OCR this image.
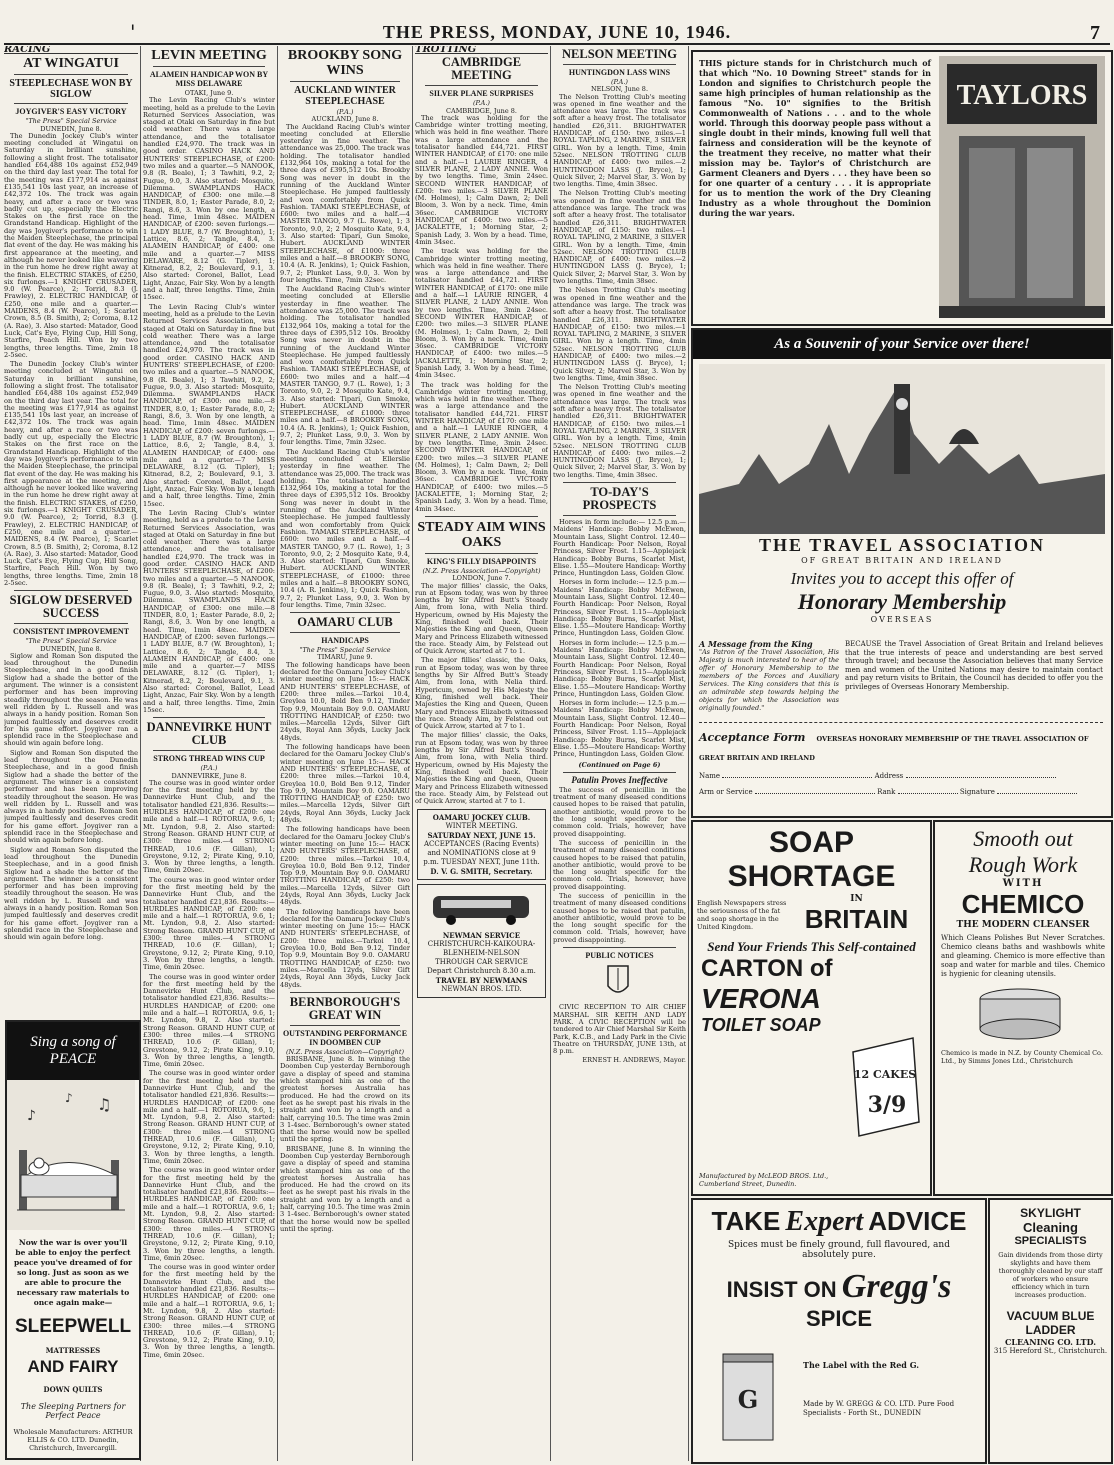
'	THE PRESS, MONDAY, JUNE 10, 1946.	7
RACING
AT WINGATUI
STEEPLECHASE WON BY SIGLOW
JOYGIVER'S EASY VICTORY
"The Press" Special Service
DUNEDIN, June 8.

The Dunedin Jockey Club's winter meeting concluded at Wingatui on Saturday in brilliant sunshine, following a slight frost. The totalisator handled £64,488 10s against £52,949 on the third day last year. The total for the meeting was £177,914 as against £135,541 10s last year, an increase of £42,372 10s. The track was again heavy, and after a race or two was badly cut up, especially the Electric Stakes on the first race on the Grandstand Handicap. Highlight of the day was Joygiver's performance to win the Maiden Steeplechase, the principal flat event of the day. He was making his first appearance at the meeting, and although he never looked like wavering in the run home he drew right away at the finish. ELECTRIC STAKES, of £250, six furlongs.—1 KNIGHT CRUSADER, 9.0 (W. Pearce), 2; Torrid, 8.3 (J. Frawley), 2. ELECTRIC HANDICAP, of £250, one mile and a quarter.—MAIDENS, 8.4 (W. Pearce), 1; Scarlet Crown, 8.5 (B. Smith), 2; Coroma, 8.12 (A. Rae), 3. Also started: Matador, Good Luck, Cat's Eye, Flying Cup, Hill Song, Starfire, Peach Hill. Won by two lengths, three lengths. Time, 2min 18 2-5sec.

The Dunedin Jockey Club's winter meeting concluded at Wingatui on Saturday in brilliant sunshine, following a slight frost. The totalisator handled £64,488 10s against £52,949 on the third day last year. The total for the meeting was £177,914 as against £135,541 10s last year, an increase of £42,372 10s. The track was again heavy, and after a race or two was badly cut up, especially the Electric Stakes on the first race on the Grandstand Handicap. Highlight of the day was Joygiver's performance to win the Maiden Steeplechase, the principal flat event of the day. He was making his first appearance at the meeting, and although he never looked like wavering in the run home he drew right away at the finish. ELECTRIC STAKES, of £250, six furlongs.—1 KNIGHT CRUSADER, 9.0 (W. Pearce), 2; Torrid, 8.3 (J. Frawley), 2. ELECTRIC HANDICAP, of £250, one mile and a quarter.—MAIDENS, 8.4 (W. Pearce), 1; Scarlet Crown, 8.5 (B. Smith), 2; Coroma, 8.12 (A. Rae), 3. Also started: Matador, Good Luck, Cat's Eye, Flying Cup, Hill Song, Starfire, Peach Hill. Won by two lengths, three lengths. Time, 2min 18 2-5sec.

SIGLOW DESERVED SUCCESS
CONSISTENT IMPROVEMENT
"The Press" Special Service
DUNEDIN, June 8.

Siglow and Roman Son disputed the lead throughout the Dunedin Steeplechase, and in a good finish Siglow had a shade the better of the argument. The winner is a consistent performer and has been improving steadily throughout the season. He was well ridden by L. Russell and was always in a handy position. Roman Son jumped faultlessly and deserves credit for his game effort. Joygiver ran a splendid race in the Steeplechase and should win again before long.

Siglow and Roman Son disputed the lead throughout the Dunedin Steeplechase, and in a good finish Siglow had a shade the better of the argument. The winner is a consistent performer and has been improving steadily throughout the season. He was well ridden by L. Russell and was always in a handy position. Roman Son jumped faultlessly and deserves credit for his game effort. Joygiver ran a splendid race in the Steeplechase and should win again before long.

Siglow and Roman Son disputed the lead throughout the Dunedin Steeplechase, and in a good finish Siglow had a shade the better of the argument. The winner is a consistent performer and has been improving steadily throughout the season. He was well ridden by L. Russell and was always in a handy position. Roman Son jumped faultlessly and deserves credit for his game effort. Joygiver ran a splendid race in the Steeplechase and should win again before long.

Sing a song of PEACE
♪
♫
♪
Now the war is over you'll be able to enjoy the perfect peace you've dreamed of for so long. Just as soon as we are able to procure the necessary raw materials to once again make—
SLEEPWELL
MATTRESSES
AND FAIRY
DOWN QUILTS
The Sleeping Partners for Perfect Peace
Wholesale Manufacturers: ARTHUR ELLIS & CO. LTD. Dunedin, Christchurch, Invercargill.
LEVIN MEETING
ALAMEIN HANDICAP WON BY MISS DELAWARE
OTAKI, June 9.

The Levin Racing Club's winter meeting, held as a prelude to the Levin Returned Services Association, was staged at Otaki on Saturday in fine but cold weather. There was a large attendance, and the totalisator handled £24,970. The track was in good order. CASINO HACK AND HUNTERS' STEEPLECHASE, of £200: two miles and a quarter.—5 NANOOK, 9.8 (R. Beale), 1; 3 Tawhiti, 9.2, 2; Fugue, 9.0, 3. Also started: Mosquito, Dilemma. SWAMPLANDS HACK HANDICAP, of £300: one mile.—8 TINDER, 8.0, 1; Easter Parade, 8.0, 2; Rangi, 8.6, 3. Won by one length, a head. Time, 1min 48sec. MAIDEN HANDICAP, of £200: seven furlongs.—1 LADY BLUE, 8.7 (W. Broughton), 1; Lattice, 8.6, 2; Tangle, 8.4, 3. ALAMEIN HANDICAP, of £400: one mile and a quarter.—7 MISS DELAWARE, 8.12 (G. Tipler), 1; Kitnerad, 8.2, 2; Boulevard, 9.1, 3. Also started: Coronel, Ballot, Lead Light, Anzac, Fair Sky. Won by a length and a half, three lengths. Time, 2min 15sec.

The Levin Racing Club's winter meeting, held as a prelude to the Levin Returned Services Association, was staged at Otaki on Saturday in fine but cold weather. There was a large attendance, and the totalisator handled £24,970. The track was in good order. CASINO HACK AND HUNTERS' STEEPLECHASE, of £200: two miles and a quarter.—5 NANOOK, 9.8 (R. Beale), 1; 3 Tawhiti, 9.2, 2; Fugue, 9.0, 3. Also started: Mosquito, Dilemma. SWAMPLANDS HACK HANDICAP, of £300: one mile.—8 TINDER, 8.0, 1; Easter Parade, 8.0, 2; Rangi, 8.6, 3. Won by one length, a head. Time, 1min 48sec. MAIDEN HANDICAP, of £200: seven furlongs.—1 LADY BLUE, 8.7 (W. Broughton), 1; Lattice, 8.6, 2; Tangle, 8.4, 3. ALAMEIN HANDICAP, of £400: one mile and a quarter.—7 MISS DELAWARE, 8.12 (G. Tipler), 1; Kitnerad, 8.2, 2; Boulevard, 9.1, 3. Also started: Coronel, Ballot, Lead Light, Anzac, Fair Sky. Won by a length and a half, three lengths. Time, 2min 15sec.

The Levin Racing Club's winter meeting, held as a prelude to the Levin Returned Services Association, was staged at Otaki on Saturday in fine but cold weather. There was a large attendance, and the totalisator handled £24,970. The track was in good order. CASINO HACK AND HUNTERS' STEEPLECHASE, of £200: two miles and a quarter.—5 NANOOK, 9.8 (R. Beale), 1; 3 Tawhiti, 9.2, 2; Fugue, 9.0, 3. Also started: Mosquito, Dilemma. SWAMPLANDS HACK HANDICAP, of £300: one mile.—8 TINDER, 8.0, 1; Easter Parade, 8.0, 2; Rangi, 8.6, 3. Won by one length, a head. Time, 1min 48sec. MAIDEN HANDICAP, of £200: seven furlongs.—1 LADY BLUE, 8.7 (W. Broughton), 1; Lattice, 8.6, 2; Tangle, 8.4, 3. ALAMEIN HANDICAP, of £400: one mile and a quarter.—7 MISS DELAWARE, 8.12 (G. Tipler), 1; Kitnerad, 8.2, 2; Boulevard, 9.1, 3. Also started: Coronel, Ballot, Lead Light, Anzac, Fair Sky. Won by a length and a half, three lengths. Time, 2min 15sec.

DANNEVIRKE HUNT CLUB
STRONG THREAD WINS CUP
(P.A.)
DANNEVIRKE, June 8.

The course was in good winter order for the first meeting held by the Dannevirke Hunt Club, and the totalisator handled £21,836. Results:— HURDLES HANDICAP, of £200: one mile and a half.—1 ROTORUA, 9.6, 1; Mt. Lyndon, 9.8, 2. Also started: Strong Reason. GRAND HUNT CUP, of £300: three miles.—4 STRONG THREAD, 10.6 (F. Gillan), 1; Greystone, 9.12, 2; Pirate King, 9.10, 3. Won by three lengths, a length. Time, 6min 20sec.

The course was in good winter order for the first meeting held by the Dannevirke Hunt Club, and the totalisator handled £21,836. Results:— HURDLES HANDICAP, of £200: one mile and a half.—1 ROTORUA, 9.6, 1; Mt. Lyndon, 9.8, 2. Also started: Strong Reason. GRAND HUNT CUP, of £300: three miles.—4 STRONG THREAD, 10.6 (F. Gillan), 1; Greystone, 9.12, 2; Pirate King, 9.10, 3. Won by three lengths, a length. Time, 6min 20sec.

The course was in good winter order for the first meeting held by the Dannevirke Hunt Club, and the totalisator handled £21,836. Results:— HURDLES HANDICAP, of £200: one mile and a half.—1 ROTORUA, 9.6, 1; Mt. Lyndon, 9.8, 2. Also started: Strong Reason. GRAND HUNT CUP, of £300: three miles.—4 STRONG THREAD, 10.6 (F. Gillan), 1; Greystone, 9.12, 2; Pirate King, 9.10, 3. Won by three lengths, a length. Time, 6min 20sec.

The course was in good winter order for the first meeting held by the Dannevirke Hunt Club, and the totalisator handled £21,836. Results:— HURDLES HANDICAP, of £200: one mile and a half.—1 ROTORUA, 9.6, 1; Mt. Lyndon, 9.8, 2. Also started: Strong Reason. GRAND HUNT CUP, of £300: three miles.—4 STRONG THREAD, 10.6 (F. Gillan), 1; Greystone, 9.12, 2; Pirate King, 9.10, 3. Won by three lengths, a length. Time, 6min 20sec.

The course was in good winter order for the first meeting held by the Dannevirke Hunt Club, and the totalisator handled £21,836. Results:— HURDLES HANDICAP, of £200: one mile and a half.—1 ROTORUA, 9.6, 1; Mt. Lyndon, 9.8, 2. Also started: Strong Reason. GRAND HUNT CUP, of £300: three miles.—4 STRONG THREAD, 10.6 (F. Gillan), 1; Greystone, 9.12, 2; Pirate King, 9.10, 3. Won by three lengths, a length. Time, 6min 20sec.

The course was in good winter order for the first meeting held by the Dannevirke Hunt Club, and the totalisator handled £21,836. Results:— HURDLES HANDICAP, of £200: one mile and a half.—1 ROTORUA, 9.6, 1; Mt. Lyndon, 9.8, 2. Also started: Strong Reason. GRAND HUNT CUP, of £300: three miles.—4 STRONG THREAD, 10.6 (F. Gillan), 1; Greystone, 9.12, 2; Pirate King, 9.10, 3. Won by three lengths, a length. Time, 6min 20sec.

BROOKBY SONG WINS
AUCKLAND WINTER STEEPLECHASE
(P.A.)
AUCKLAND, June 8.

The Auckland Racing Club's winter meeting concluded at Ellerslie yesterday in fine weather. The attendance was 25,000. The track was holding. The totalisator handled £132,964 10s, making a total for the three days of £395,512 10s. Brookby Song was never in doubt in the running of the Auckland Winter Steeplechase. He jumped faultlessly and won comfortably from Quick Fashion. TAMAKI STEEPLECHASE, of £600: two miles and a half.—4 MASTER TANGO, 9.7 (L. Rowe), 1; 3 Toronto, 9.0, 2; 2 Mosquito Kate, 9.4, 3. Also started: Tipari, Gun Smoke, Hubert. AUCKLAND WINTER STEEPLECHASE, of £1000: three miles and a half.—8 BROOKBY SONG, 10.4 (A. R. Jenkins), 1; Quick Fashion, 9.7, 2; Plunket Lass, 9.0, 3. Won by four lengths. Time, 7min 32sec.

The Auckland Racing Club's winter meeting concluded at Ellerslie yesterday in fine weather. The attendance was 25,000. The track was holding. The totalisator handled £132,964 10s, making a total for the three days of £395,512 10s. Brookby Song was never in doubt in the running of the Auckland Winter Steeplechase. He jumped faultlessly and won comfortably from Quick Fashion. TAMAKI STEEPLECHASE, of £600: two miles and a half.—4 MASTER TANGO, 9.7 (L. Rowe), 1; 3 Toronto, 9.0, 2; 2 Mosquito Kate, 9.4, 3. Also started: Tipari, Gun Smoke, Hubert. AUCKLAND WINTER STEEPLECHASE, of £1000: three miles and a half.—8 BROOKBY SONG, 10.4 (A. R. Jenkins), 1; Quick Fashion, 9.7, 2; Plunket Lass, 9.0, 3. Won by four lengths. Time, 7min 32sec.

The Auckland Racing Club's winter meeting concluded at Ellerslie yesterday in fine weather. The attendance was 25,000. The track was holding. The totalisator handled £132,964 10s, making a total for the three days of £395,512 10s. Brookby Song was never in doubt in the running of the Auckland Winter Steeplechase. He jumped faultlessly and won comfortably from Quick Fashion. TAMAKI STEEPLECHASE, of £600: two miles and a half.—4 MASTER TANGO, 9.7 (L. Rowe), 1; 3 Toronto, 9.0, 2; 2 Mosquito Kate, 9.4, 3. Also started: Tipari, Gun Smoke, Hubert. AUCKLAND WINTER STEEPLECHASE, of £1000: three miles and a half.—8 BROOKBY SONG, 10.4 (A. R. Jenkins), 1; Quick Fashion, 9.7, 2; Plunket Lass, 9.0, 3. Won by four lengths. Time, 7min 32sec.

OAMARU CLUB
HANDICAPS
"The Press" Special Service
TIMARU, June 9.

The following handicaps have been declared for the Oamaru Jockey Club's winter meeting on June 15:— HACK AND HUNTERS' STEEPLECHASE, of £200: three miles.—Tarkoi 10.4, Greylea 10.0, Bold Ben 9.12, Tinder Top 9.9, Mountain Boy 9.0. OAMARU TROTTING HANDICAP, of £250: two miles.—Marcella 12yds, Silver Gift 24yds, Royal Ann 36yds, Lucky Jack 48yds.

The following handicaps have been declared for the Oamaru Jockey Club's winter meeting on June 15:— HACK AND HUNTERS' STEEPLECHASE, of £200: three miles.—Tarkoi 10.4, Greylea 10.0, Bold Ben 9.12, Tinder Top 9.9, Mountain Boy 9.0. OAMARU TROTTING HANDICAP, of £250: two miles.—Marcella 12yds, Silver Gift 24yds, Royal Ann 36yds, Lucky Jack 48yds.

The following handicaps have been declared for the Oamaru Jockey Club's winter meeting on June 15:— HACK AND HUNTERS' STEEPLECHASE, of £200: three miles.—Tarkoi 10.4, Greylea 10.0, Bold Ben 9.12, Tinder Top 9.9, Mountain Boy 9.0. OAMARU TROTTING HANDICAP, of £250: two miles.—Marcella 12yds, Silver Gift 24yds, Royal Ann 36yds, Lucky Jack 48yds.

The following handicaps have been declared for the Oamaru Jockey Club's winter meeting on June 15:— HACK AND HUNTERS' STEEPLECHASE, of £200: three miles.—Tarkoi 10.4, Greylea 10.0, Bold Ben 9.12, Tinder Top 9.9, Mountain Boy 9.0. OAMARU TROTTING HANDICAP, of £250: two miles.—Marcella 12yds, Silver Gift 24yds, Royal Ann 36yds, Lucky Jack 48yds.

BERNBOROUGH'S GREAT WIN
OUTSTANDING PERFORMANCE IN DOOMBEN CUP
(N.Z. Press Association—Copyright)

BRISBANE, June 8. In winning the Doomben Cup yesterday Bernborough gave a display of speed and stamina which stamped him as one of the greatest horses Australia has produced. He had the crowd on its feet as he swept past his rivals in the straight and won by a length and a half, carrying 10.5. The time was 2min 3 1-4sec. Bernborough's owner stated that the horse would now be spelled until the spring.

BRISBANE, June 8. In winning the Doomben Cup yesterday Bernborough gave a display of speed and stamina which stamped him as one of the greatest horses Australia has produced. He had the crowd on its feet as he swept past his rivals in the straight and won by a length and a half, carrying 10.5. The time was 2min 3 1-4sec. Bernborough's owner stated that the horse would now be spelled until the spring.

TROTTING
CAMBRIDGE MEETING
SILVER PLANE SURPRISES
(P.A.)
CAMBRIDGE, June 8.

The track was holding for the Cambridge winter trotting meeting, which was held in fine weather. There was a large attendance and the totalisator handled £44,721. FIRST WINTER HANDICAP, of £170: one mile and a half.—1 LAURIE RINGER, 4 SILVER PLANE, 2 LADY ANNIE. Won by two lengths. Time, 3min 24sec. SECOND WINTER HANDICAP, of £200: two miles.—3 SILVER PLANE (M. Holmes), 1; Calm Dawn, 2; Dell Bloom, 3. Won by a neck. Time, 4min 36sec. CAMBRIDGE VICTORY HANDICAP, of £400: two miles.—5 JACKALETTE, 1; Morning Star, 2; Spanish Lady, 3. Won by a head. Time, 4min 34sec.

The track was holding for the Cambridge winter trotting meeting, which was held in fine weather. There was a large attendance and the totalisator handled £44,721. FIRST WINTER HANDICAP, of £170: one mile and a half.—1 LAURIE RINGER, 4 SILVER PLANE, 2 LADY ANNIE. Won by two lengths. Time, 3min 24sec. SECOND WINTER HANDICAP, of £200: two miles.—3 SILVER PLANE (M. Holmes), 1; Calm Dawn, 2; Dell Bloom, 3. Won by a neck. Time, 4min 36sec. CAMBRIDGE VICTORY HANDICAP, of £400: two miles.—5 JACKALETTE, 1; Morning Star, 2; Spanish Lady, 3. Won by a head. Time, 4min 34sec.

The track was holding for the Cambridge winter trotting meeting, which was held in fine weather. There was a large attendance and the totalisator handled £44,721. FIRST WINTER HANDICAP, of £170: one mile and a half.—1 LAURIE RINGER, 4 SILVER PLANE, 2 LADY ANNIE. Won by two lengths. Time, 3min 24sec. SECOND WINTER HANDICAP, of £200: two miles.—3 SILVER PLANE (M. Holmes), 1; Calm Dawn, 2; Dell Bloom, 3. Won by a neck. Time, 4min 36sec. CAMBRIDGE VICTORY HANDICAP, of £400: two miles.—5 JACKALETTE, 1; Morning Star, 2; Spanish Lady, 3. Won by a head. Time, 4min 34sec.

STEADY AIM WINS OAKS
KING'S FILLY DISAPPOINTS
(N.Z. Press Association—Copyright)
LONDON, June 7.

The major fillies' classic, the Oaks, run at Epsom today, was won by three lengths by Sir Alfred Butt's Steady Aim, from Iona, with Nelia third. Hypericum, owned by His Majesty the King, finished well back. Their Majesties the King and Queen, Queen Mary and Princess Elizabeth witnessed the race. Steady Aim, by Felstead out of Quick Arrow, started at 7 to 1.

The major fillies' classic, the Oaks, run at Epsom today, was won by three lengths by Sir Alfred Butt's Steady Aim, from Iona, with Nelia third. Hypericum, owned by His Majesty the King, finished well back. Their Majesties the King and Queen, Queen Mary and Princess Elizabeth witnessed the race. Steady Aim, by Felstead out of Quick Arrow, started at 7 to 1.

The major fillies' classic, the Oaks, run at Epsom today, was won by three lengths by Sir Alfred Butt's Steady Aim, from Iona, with Nelia third. Hypericum, owned by His Majesty the King, finished well back. Their Majesties the King and Queen, Queen Mary and Princess Elizabeth witnessed the race. Steady Aim, by Felstead out of Quick Arrow, started at 7 to 1.

OAMARU JOCKEY CLUB.
WINTER MEETING.
SATURDAY NEXT, JUNE 15.
ACCEPTANCES (Racing Events) and NOMINATIONS close at 9 p.m. TUESDAY NEXT, June 11th.
D. V. G. SMITH, Secretary.
NEWMAN SERVICE
CHRISTCHURCH-KAIKOURA-BLENHEIM-NELSON
THROUGH CAR SERVICE
Depart Christchurch 8.30 a.m.
TRAVEL BY NEWMANS
NEWMAN BROS. LTD.
NELSON MEETING
HUNTINGDON LASS WINS
(P.A.)
NELSON, June 8.

The Nelson Trotting Club's meeting was opened in fine weather and the attendance was large. The track was soft after a heavy frost. The totalisator handled £26,311. BRIGHTWATER HANDICAP, of £150: two miles.—1 ROYAL TAPLING, 2 MARINE, 3 SILVER GIRL. Won by a length. Time, 4min 52sec. NELSON TROTTING CLUB HANDICAP, of £400: two miles.—2 HUNTINGDON LASS (J. Bryce), 1; Quick Silver, 2; Marvel Star, 3. Won by two lengths. Time, 4min 38sec.

The Nelson Trotting Club's meeting was opened in fine weather and the attendance was large. The track was soft after a heavy frost. The totalisator handled £26,311. BRIGHTWATER HANDICAP, of £150: two miles.—1 ROYAL TAPLING, 2 MARINE, 3 SILVER GIRL. Won by a length. Time, 4min 52sec. NELSON TROTTING CLUB HANDICAP, of £400: two miles.—2 HUNTINGDON LASS (J. Bryce), 1; Quick Silver, 2; Marvel Star, 3. Won by two lengths. Time, 4min 38sec.

The Nelson Trotting Club's meeting was opened in fine weather and the attendance was large. The track was soft after a heavy frost. The totalisator handled £26,311. BRIGHTWATER HANDICAP, of £150: two miles.—1 ROYAL TAPLING, 2 MARINE, 3 SILVER GIRL. Won by a length. Time, 4min 52sec. NELSON TROTTING CLUB HANDICAP, of £400: two miles.—2 HUNTINGDON LASS (J. Bryce), 1; Quick Silver, 2; Marvel Star, 3. Won by two lengths. Time, 4min 38sec.

The Nelson Trotting Club's meeting was opened in fine weather and the attendance was large. The track was soft after a heavy frost. The totalisator handled £26,311. BRIGHTWATER HANDICAP, of £150: two miles.—1 ROYAL TAPLING, 2 MARINE, 3 SILVER GIRL. Won by a length. Time, 4min 52sec. NELSON TROTTING CLUB HANDICAP, of £400: two miles.—2 HUNTINGDON LASS (J. Bryce), 1; Quick Silver, 2; Marvel Star, 3. Won by two lengths. Time, 4min 38sec.

TO-DAY'S PROSPECTS

Horses in form include:— 12.5 p.m.—Maidens' Handicap: Bobby McEwen, Mountain Lass, Slight Control. 12.40—Fourth Handicap: Poor Nelson, Royal Princess, Silver Frost. 1.15—Applejack Handicap: Bobby Burns, Scarlet Mist, Elise. 1.55—Moutere Handicap: Worthy Prince, Huntingdon Lass, Golden Glow.

Horses in form include:— 12.5 p.m.—Maidens' Handicap: Bobby McEwen, Mountain Lass, Slight Control. 12.40—Fourth Handicap: Poor Nelson, Royal Princess, Silver Frost. 1.15—Applejack Handicap: Bobby Burns, Scarlet Mist, Elise. 1.55—Moutere Handicap: Worthy Prince, Huntingdon Lass, Golden Glow.

Horses in form include:— 12.5 p.m.—Maidens' Handicap: Bobby McEwen, Mountain Lass, Slight Control. 12.40—Fourth Handicap: Poor Nelson, Royal Princess, Silver Frost. 1.15—Applejack Handicap: Bobby Burns, Scarlet Mist, Elise. 1.55—Moutere Handicap: Worthy Prince, Huntingdon Lass, Golden Glow.

Horses in form include:— 12.5 p.m.—Maidens' Handicap: Bobby McEwen, Mountain Lass, Slight Control. 12.40—Fourth Handicap: Poor Nelson, Royal Princess, Silver Frost. 1.15—Applejack Handicap: Bobby Burns, Scarlet Mist, Elise. 1.55—Moutere Handicap: Worthy Prince, Huntingdon Lass, Golden Glow.

(Continued on Page 6)
Patulin Proves Ineffective

The success of penicillin in the treatment of many diseased conditions caused hopes to be raised that patulin, another antibiotic, would prove to be the long sought specific for the common cold. Trials, however, have proved disappointing.

The success of penicillin in the treatment of many diseased conditions caused hopes to be raised that patulin, another antibiotic, would prove to be the long sought specific for the common cold. Trials, however, have proved disappointing.

The success of penicillin in the treatment of many diseased conditions caused hopes to be raised that patulin, another antibiotic, would prove to be the long sought specific for the common cold. Trials, however, have proved disappointing.

PUBLIC NOTICES

CIVIC RECEPTION TO AIR CHIEF MARSHAL SIR KEITH AND LADY PARK. A CIVIC RECEPTION will be tendered to Air Chief Marshal Sir Keith Park, K.C.B., and Lady Park in the Civic Theatre on THURSDAY, JUNE 13th, at 8 p.m.

ERNEST H. ANDREWS, Mayor.
THIS picture stands for in Christchurch much of that which "No. 10 Downing Street" stands for in London and signifies to Christchurch people the same high principles of human relationship as the famous "No. 10" signifies to the British Commonwealth of Nations . . . and to the whole world. Through this doorway people pass without a single doubt in their minds, knowing full well that fairness and consideration will be the keynote of the treatment they receive, no matter what their mission may be. Taylor's of Christchurch are Garment Cleaners and Dyers . . . they have been so for one quarter of a century . . . it is appropriate for us to mention the work of the Dry Cleaning Industry as a whole throughout the Dominion during the war years.
TAYLORS
As a Souvenir of your Service over there!
THE TRAVEL ASSOCIATION
OF GREAT BRITAIN AND IRELAND
Invites you to accept this offer of
Honorary Membership
OVERSEAS
A Message from the King
"As Patron of the Travel Association, His Majesty is much interested to hear of the offer of Honorary Membership to the members of the Forces and Auxiliary Services. The King considers that this is an admirable step towards helping the objects for which the Association was originally founded."
BECAUSE the Travel Association of Great Britain and Ireland believes that the true interests of peace and understanding are best served through travel; and because the Association believes that many Service men and women of the United Nations may desire to maintain contact and pay return visits to Britain, the Council has decided to offer you the privileges of Overseas Honorary Membership.
Acceptance Form OVERSEAS HONORARY MEMBERSHIP OF THE TRAVEL ASSOCIATION OF GREAT BRITAIN AND IRELAND
Name	Address
Arm or Service	Rank	Signature
SOAP SHORTAGE
English Newspapers stress the seriousness of the fat and soap shortage in the United Kingdom.
IN
BRITAIN
Send Your Friends This Self-contained
CARTON of
VERONA
TOILET SOAP
12 CAKES
3/9
Manufactured by McLEOD BROS. Ltd., Cumberland Street, Dunedin.
Smooth out
Rough Work
WITH
CHEMICO
THE MODERN CLEANSER
Which Cleans Polishes But Never Scratches. Chemico cleans baths and washbowls white and gleaming. Chemico is more effective than soap and water for marble and tiles. Chemico is hygienic for cleaning utensils.
Chemico is made in N.Z. by County Chemical Co. Ltd., by Simms Jones Ltd., Christchurch
TAKE Expert ADVICE
Spices must be finely ground, full flavoured, and absolutely pure.
INSIST ON Gregg's SPICE
G
The Label with the Red G.
Made by W. GREGG & CO. LTD. Pure Food Specialists - Forth St., DUNEDIN
SKYLIGHT
Cleaning
SPECIALISTS
Gain dividends from those dirty skylights and have them thoroughly cleaned by our staff of workers who ensure efficiency which in turn increases production.
VACUUM BLUE LADDER
CLEANING CO. LTD.
315 Hereford St., Christchurch.
